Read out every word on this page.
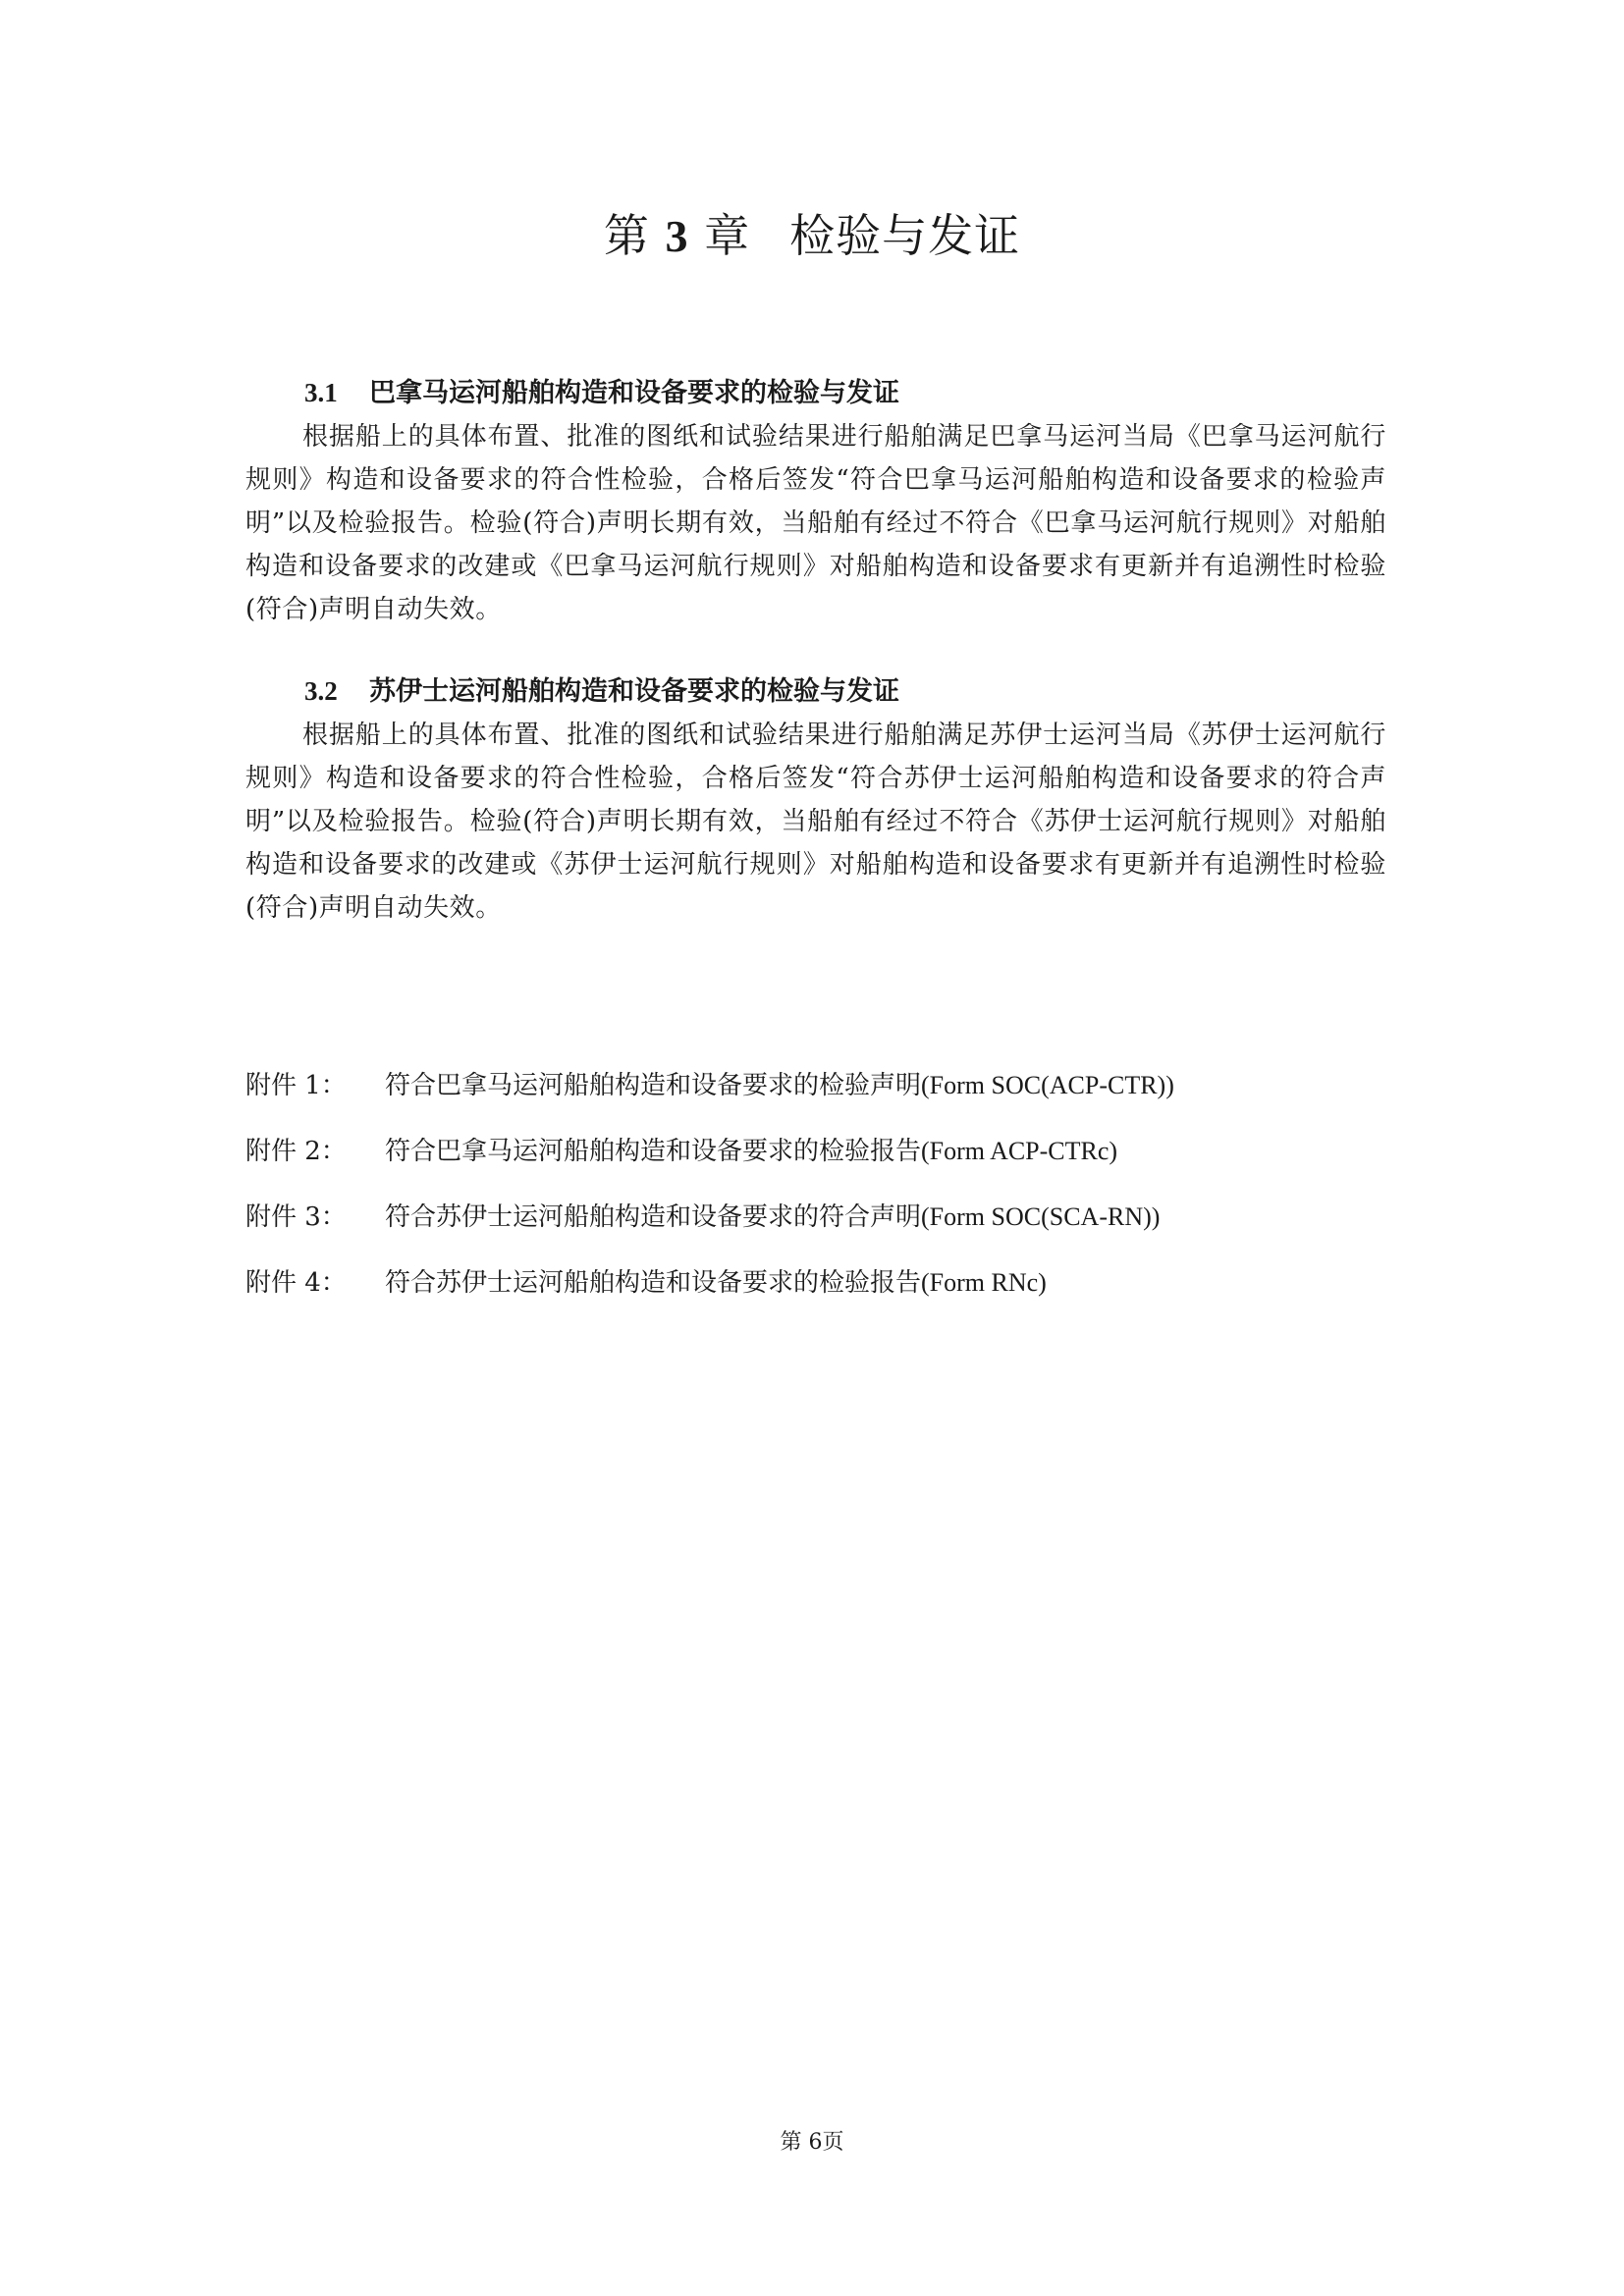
第 3 章 检验与发证
3.1 巴拿马运河船舶构造和设备要求的检验与发证

根据船上的具体布置、批准的图纸和试验结果进行船舶满足巴拿马运河当局《巴拿马运河航行规则》构造和设备要求的符合性检验，合格后签发“符合巴拿马运河船舶构造和设备要求的检验声明”以及检验报告。检验(符合)声明长期有效，当船舶有经过不符合《巴拿马运河航行规则》对船舶构造和设备要求的改建或《巴拿马运河航行规则》对船舶构造和设备要求有更新并有追溯性时检验(符合)声明自动失效。

3.2 苏伊士运河船舶构造和设备要求的检验与发证

根据船上的具体布置、批准的图纸和试验结果进行船舶满足苏伊士运河当局《苏伊士运河航行规则》构造和设备要求的符合性检验，合格后签发“符合苏伊士运河船舶构造和设备要求的符合声明”以及检验报告。检验(符合)声明长期有效，当船舶有经过不符合《苏伊士运河航行规则》对船舶构造和设备要求的改建或《苏伊士运河航行规则》对船舶构造和设备要求有更新并有追溯性时检验(符合)声明自动失效。

附件 1：	符合巴拿马运河船舶构造和设备要求的检验声明(Form SOC(ACP-CTR))
附件 2：	符合巴拿马运河船舶构造和设备要求的检验报告(Form ACP-CTRc)
附件 3：	符合苏伊士运河船舶构造和设备要求的符合声明(Form SOC(SCA-RN))
附件 4：	符合苏伊士运河船舶构造和设备要求的检验报告(Form RNc)
第 6页
